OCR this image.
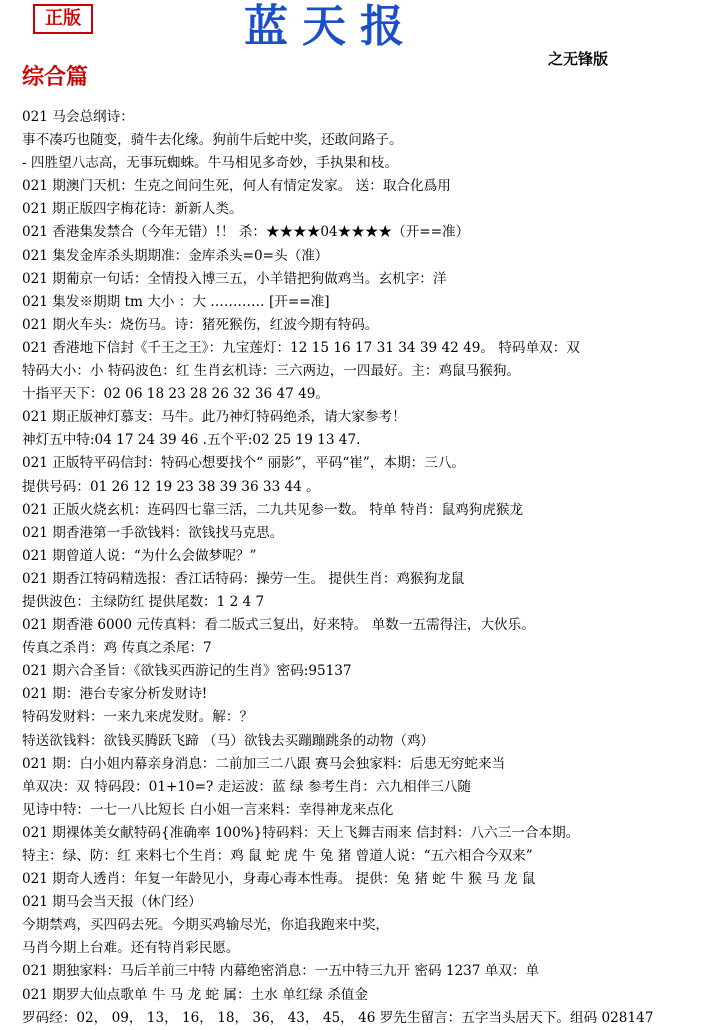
正版	蓝天报
之无锋版
综合篇
021 马会总纲诗：
事不凑巧也随变，骑牛去化缘。狗前牛后蛇中奖，还敢问路子。
- 四胜望八志高，无事玩蜘蛛。牛马相见多奇妙，手执果和枝。
021 期澳门天机：生克之间问生死，何人有情定发家。 送：取合化爲用
021 期正版四字梅花诗：新新人类。
021 香港集发禁合（今年无错）!！ 杀：★★★★04★★★★（开==准）
021 集发金库杀头期期准：金库杀头=0=头（准）
021 期葡京一句话：全情投入博三五，小羊错把狗做鸡当。玄机字：洋
021 集发※期期 tm 大小 ：大 ………… [开==准]
021 期火车头：烧伤马。诗：猪死猴伤，红波今期有特码。
021 香港地下信封《千王之王》：九宝莲灯：12 15 16 17 31 34 39 42 49。 特码单双：双
特码大小：小 特码波色：红 生肖玄机诗：三六两边，一四最好。主：鸡鼠马猴狗。
十指平天下：02 06 18 23 28 26 32 36 47 49。
021 期正版神灯慕支：马牛。此乃神灯特码绝杀，请大家参考！
神灯五中特:04 17 24 39 46 .五个平:02 25 19 13 47.
021 正版特平码信封：特码心想要找个“ 丽影”，平码“崔”，本期：三八。
提供号码：01 26 12 19 23 38 39 36 33 44 。
021 正版火烧玄机：连码四七靠三活，二九共见参一数。 特单 特肖：鼠鸡狗虎猴龙
021 期香港第一手欲钱料：欲钱找马克思。
021 期曾道人说：“为什么会做梦呢？”
021 期香江特码精选报：香江话特码：操劳一生。 提供生肖：鸡猴狗龙鼠
提供波色：主绿防红 提供尾数：1 2 4 7
021 期香港 6000 元传真料：看二版式三复出，好来特。 单数一五需得注，大伙乐。
传真之杀肖：鸡 传真之杀尾：7
021 期六合圣旨：《欲钱买西游记的生肖》密码:95137
021 期：港台专家分析发财诗!
特码发财料：一来九来虎发财。解：？
特送欲钱料：欲钱买腾跃飞蹄 （马）欲钱去买蹦蹦跳条的动物（鸡）
021 期：白小姐内幕亲身消息：二前加三二八跟 赛马会独家料：后患无穷蛇来当
单双决：双 特码段：01+10=? 走运波：蓝 绿 参考生肖：六九相伴三八随
见诗中特：一七一八比短长 白小姐一言来料：幸得神龙来点化
021 期裸体美女献特码{准确率 100%}特码料：天上飞舞吉雨来 信封料：八六三一合本期。
特主：绿、防：红 来料七个生肖：鸡 鼠 蛇 虎 牛 兔 猪 曾道人说：“五六相合今双来”
021 期奇人透肖：年复一年龄见小，身毒心毒本性毒。 提供：兔 猪 蛇 牛 猴 马 龙 鼠
021 期马会当天报（休门经）
今期禁鸡，买四码去死。今期买鸡输尽光，你追我跑来中奖，
马肖今期上台难。还有特肖彩民愿。
021 期独家料：马后羊前三中特 内幕绝密消息：一五中特三九开 密码 1237 单双：单
021 期罗大仙点歌单 牛 马 龙 蛇 属：土水 单红绿 杀值金
罗码经：02， 09， 13， 16， 18， 36， 43， 45， 46 罗先生留言：五字当头居天下。组码 028147
